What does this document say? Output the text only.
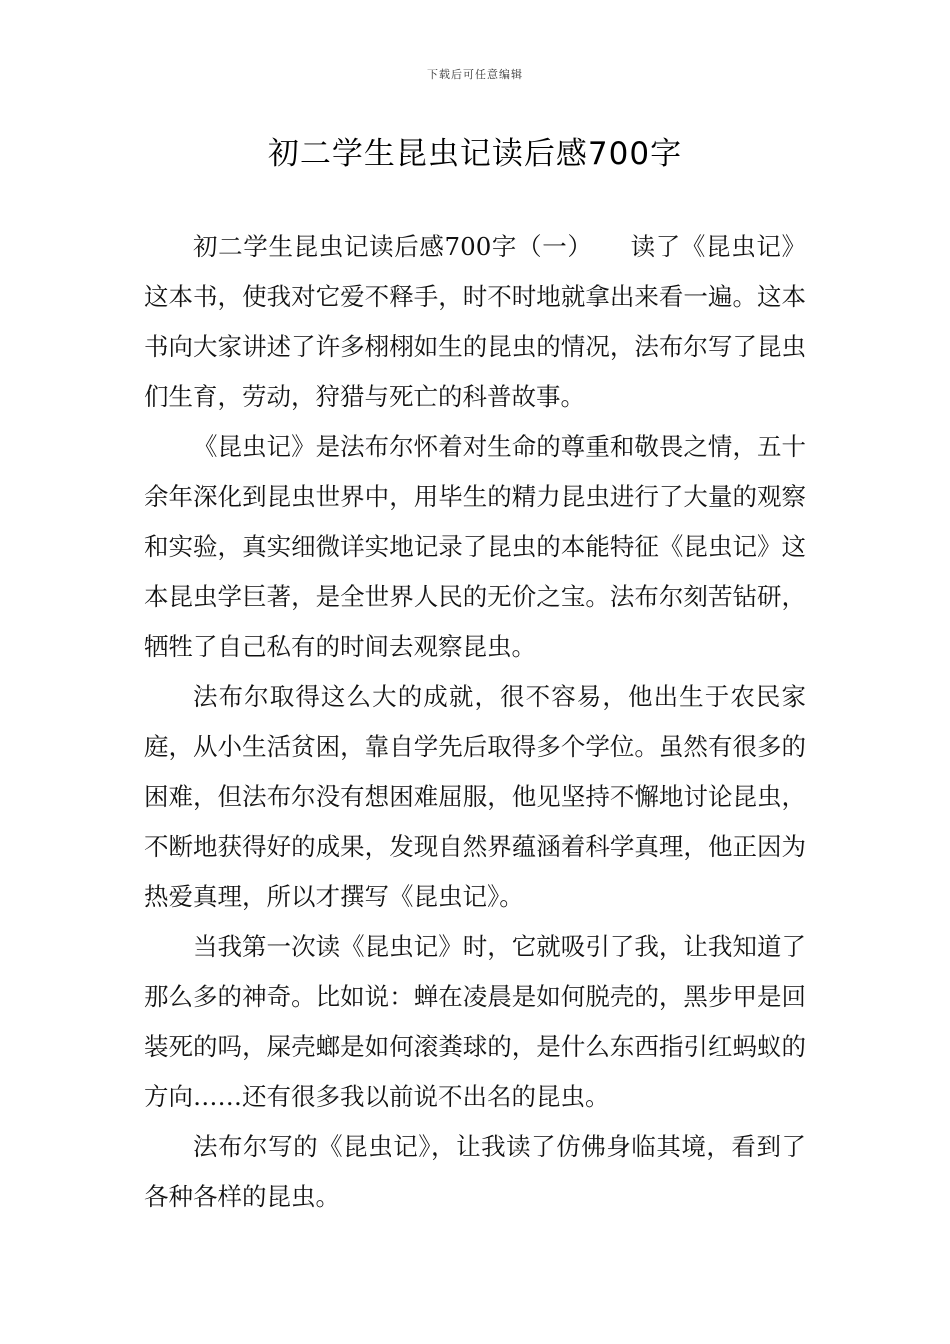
下载后可任意编辑
初二学生昆虫记读后感700字

初二学生昆虫记读后感700字（一）　　读了《昆虫记》这本书，使我对它爱不释手，时不时地就拿出来看一遍。这本书向大家讲述了许多栩栩如生的昆虫的情况，法布尔写了昆虫们生育，劳动，狩猎与死亡的科普故事。

《昆虫记》是法布尔怀着对生命的尊重和敬畏之情，五十余年深化到昆虫世界中，用毕生的精力昆虫进行了大量的观察和实验，真实细微详实地记录了昆虫的本能特征《昆虫记》这本昆虫学巨著，是全世界人民的无价之宝。法布尔刻苦钻研，牺牲了自己私有的时间去观察昆虫。

法布尔取得这么大的成就，很不容易，他出生于农民家庭，从小生活贫困，靠自学先后取得多个学位。虽然有很多的困难，但法布尔没有想困难屈服，他见坚持不懈地讨论昆虫，不断地获得好的成果，发现自然界蕴涵着科学真理，他正因为热爱真理，所以才撰写《昆虫记》。

当我第一次读《昆虫记》时，它就吸引了我，让我知道了那么多的神奇。比如说：蝉在凌晨是如何脱壳的，黑步甲是回装死的吗，屎壳螂是如何滚粪球的，是什么东西指引红蚂蚁的方向……还有很多我以前说不出名的昆虫。

法布尔写的《昆虫记》，让我读了仿佛身临其境，看到了各种各样的昆虫。
